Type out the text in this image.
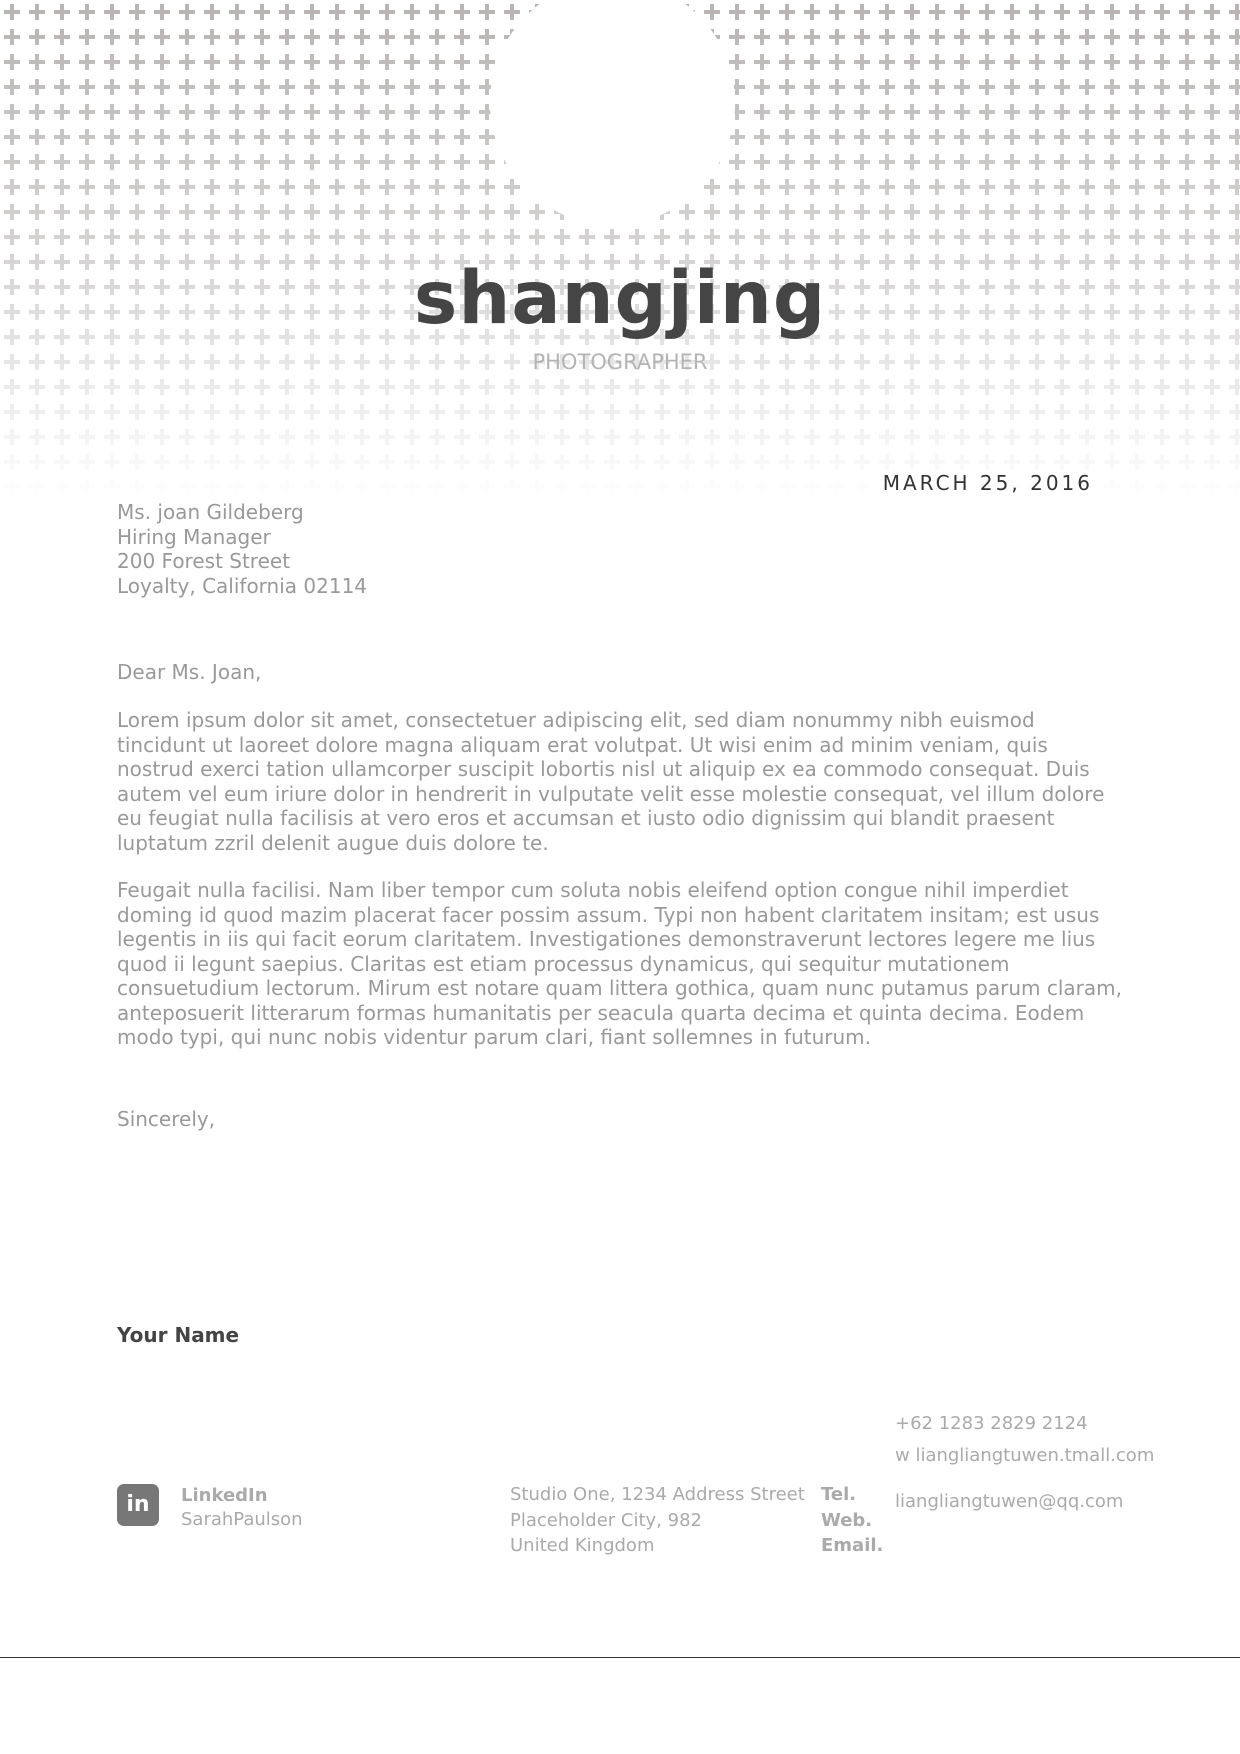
shangjing
PHOTOGRAPHER
MARCH 25, 2016
Ms. joan Gildeberg
Hiring Manager
200 Forest Street
Loyalty, California 02114
Dear Ms. Joan,
Lorem ipsum dolor sit amet, consectetuer adipiscing elit, sed diam nonummy nibh euismod tincidunt ut laoreet dolore magna aliquam erat volutpat. Ut wisi enim ad minim veniam, quis nostrud exerci tation ullamcorper suscipit lobortis nisl ut aliquip ex ea commodo consequat. Duis autem vel eum iriure dolor in hendrerit in vulputate velit esse molestie consequat, vel illum dolore eu feugiat nulla facilisis at vero eros et accumsan et iusto odio dignissim qui blandit praesent luptatum zzril delenit augue duis dolore te.
Feugait nulla facilisi. Nam liber tempor cum soluta nobis eleifend option congue nihil imperdiet doming id quod mazim placerat facer possim assum. Typi non habent claritatem insitam; est usus legentis in iis qui facit eorum claritatem. Investigationes demonstraverunt lectores legere me lius quod ii legunt saepius. Claritas est etiam processus dynamicus, qui sequitur mutationem consuetudium lectorum. Mirum est notare quam littera gothica, quam nunc putamus parum claram, anteposuerit litterarum formas humanitatis per seacula quarta decima et quinta decima. Eodem modo typi, qui nunc nobis videntur parum clari, fiant sollemnes in futurum.
Sincerely,
Your Name
+62 1283 2829 2124
w liangliangtuwen.tmall.com
liangliangtuwen@qq.com
in	LinkedIn
SarahPaulson
Studio One, 1234 Address Street
Placeholder City, 982
United Kingdom
Tel.
Web.
Email.
